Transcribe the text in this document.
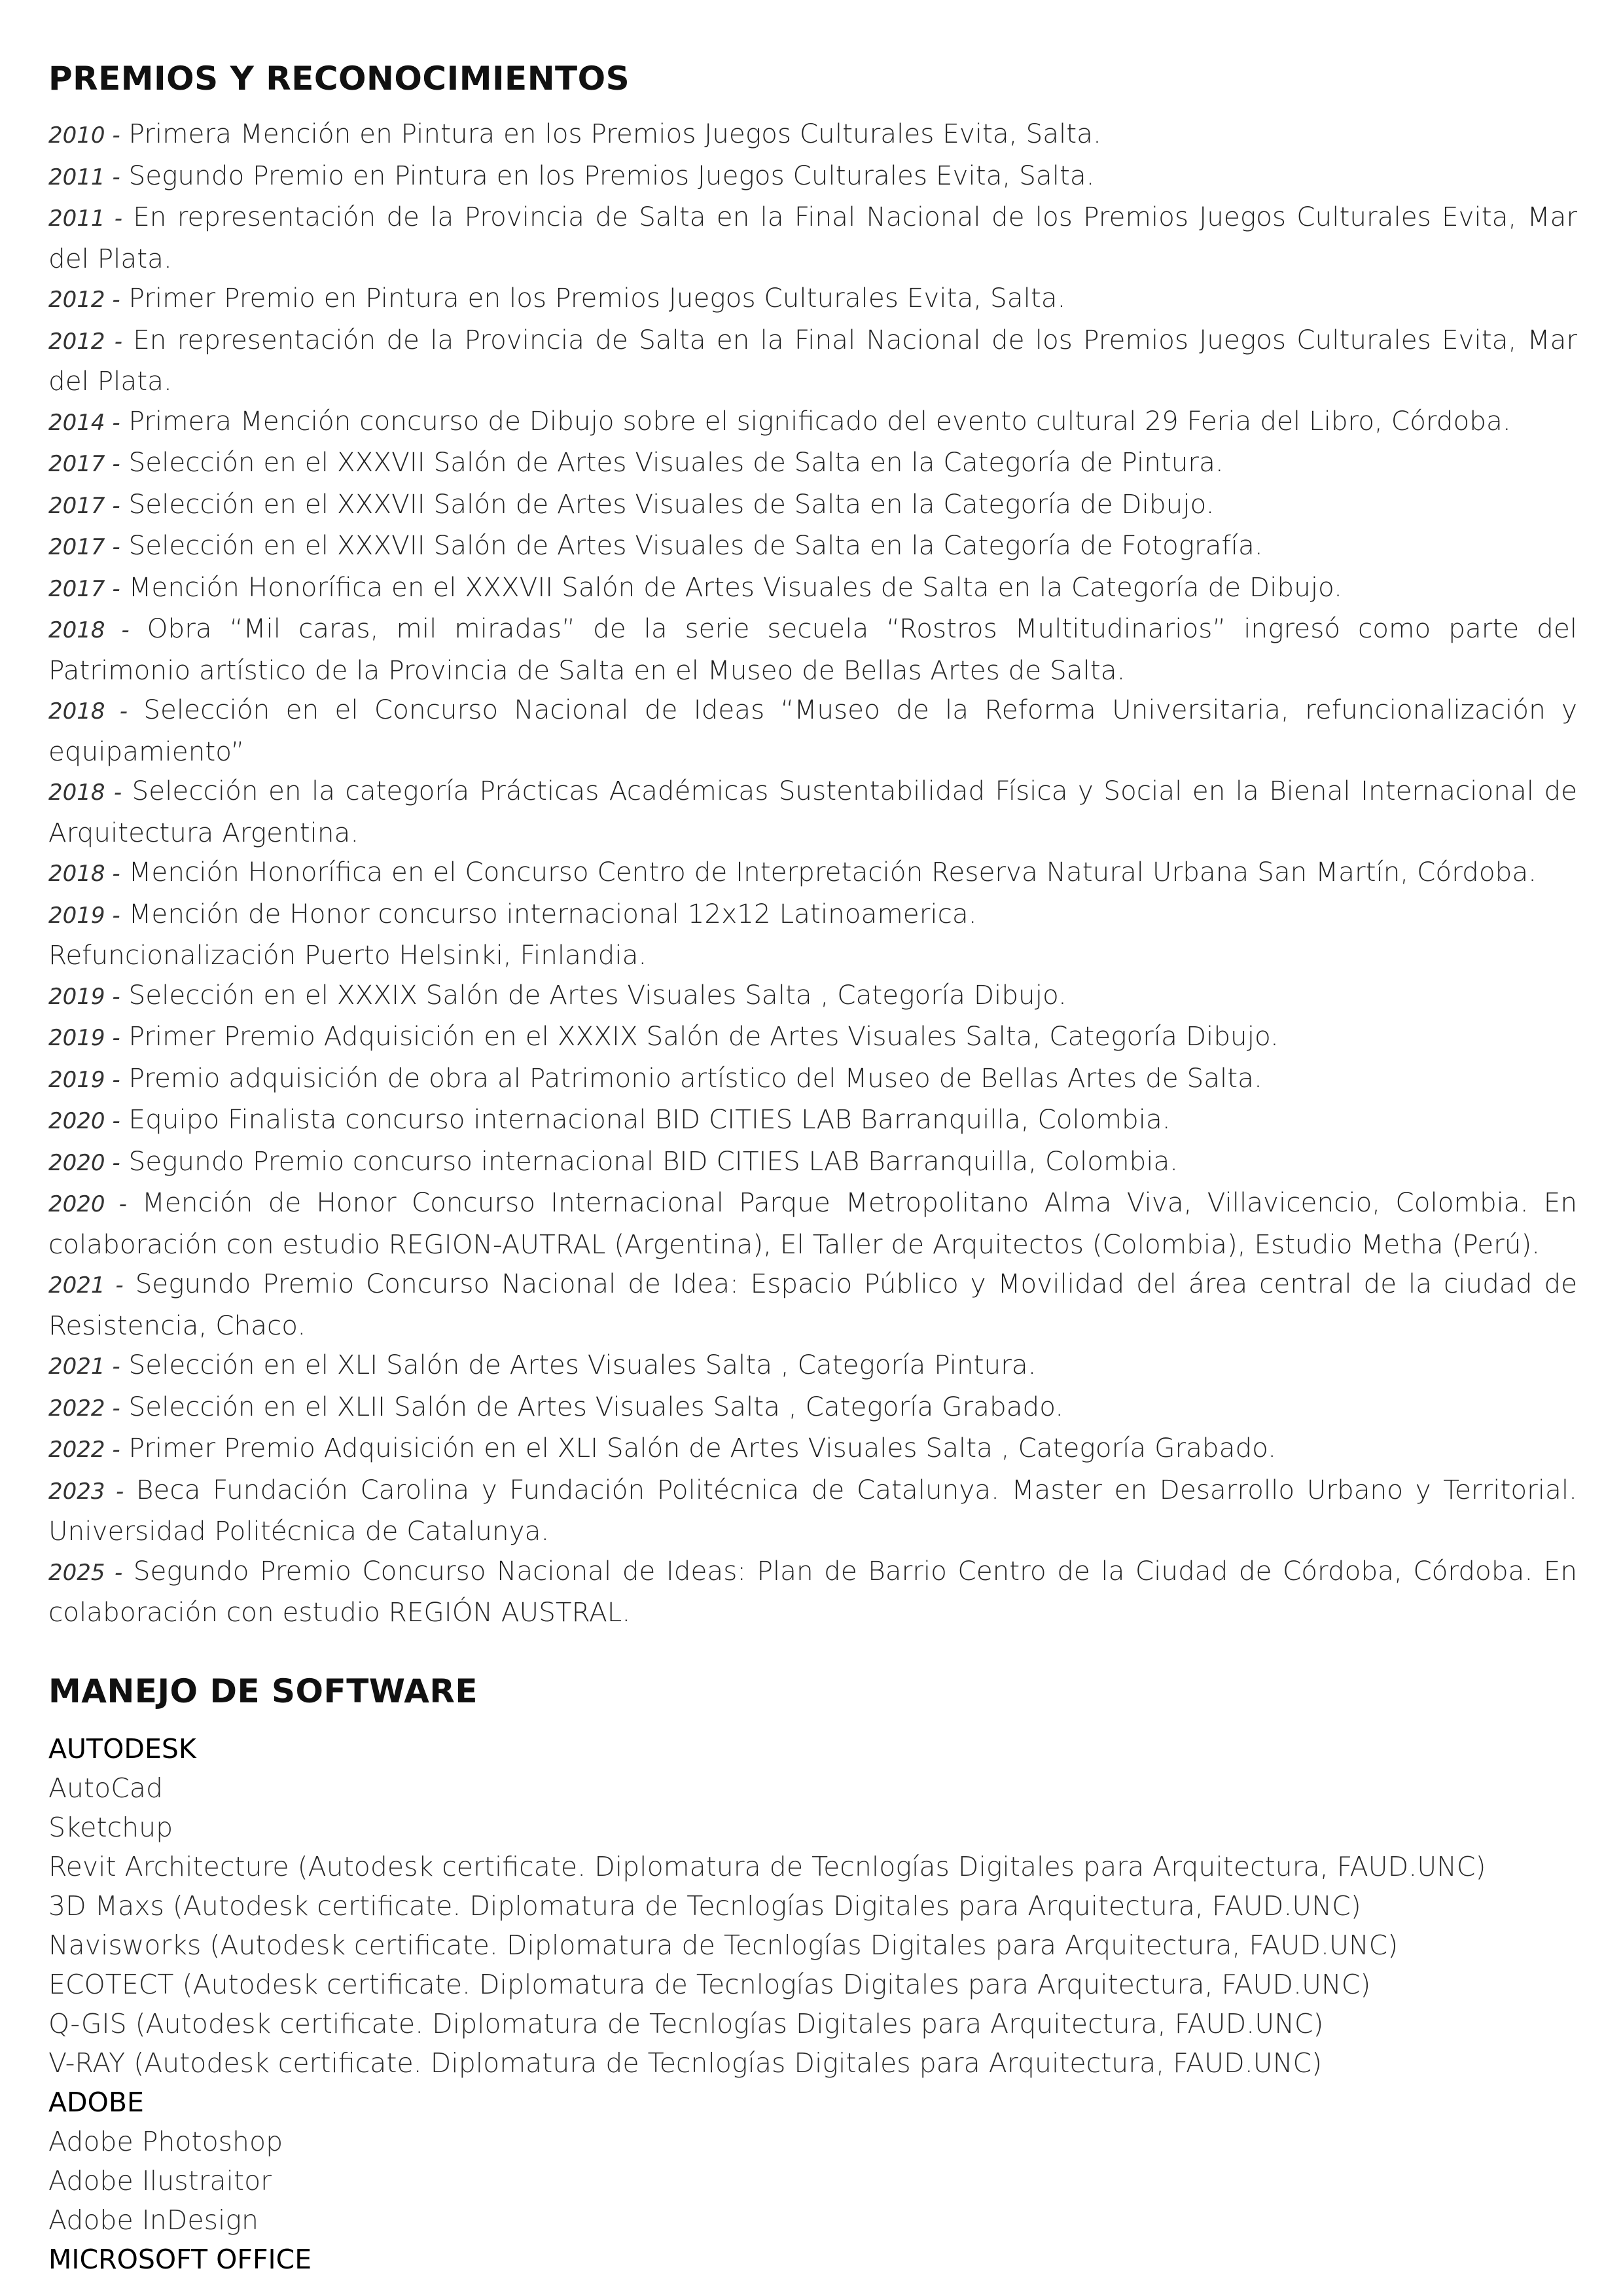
PREMIOS Y RECONOCIMIENTOS
2010 - Primera Mención en Pintura en los Premios Juegos Culturales Evita, Salta.
2011 - Segundo Premio en Pintura en los Premios Juegos Culturales Evita, Salta.
2011 - En representación de la Provincia de Salta en la Final Nacional de los Premios Juegos Culturales Evita, Mar del Plata.
2012 - Primer Premio en Pintura en los Premios Juegos Culturales Evita, Salta.
2012 - En representación de la Provincia de Salta en la Final Nacional de los Premios Juegos Culturales Evita, Mar del Plata.
2014 - Primera Mención concurso de Dibujo sobre el significado del evento cultural 29 Feria del Libro, Córdoba.
2017 - Selección en el XXXVII Salón de Artes Visuales de Salta en la Categoría de Pintura.
2017 - Selección en el XXXVII Salón de Artes Visuales de Salta en la Categoría de Dibujo.
2017 - Selección en el XXXVII Salón de Artes Visuales de Salta en la Categoría de Fotografía.
2017 - Mención Honorífica en el XXXVII Salón de Artes Visuales de Salta en la Categoría de Dibujo.
2018 - Obra “Mil caras, mil miradas” de la serie secuela “Rostros Multitudinarios” ingresó como parte del Patrimonio artístico de la Provincia de Salta en el Museo de Bellas Artes de Salta.
2018 - Selección en el Concurso Nacional de Ideas “Museo de la Reforma Universitaria, refuncionalización y equipamiento”
2018 - Selección en la categoría Prácticas Académicas Sustentabilidad Física y Social en la Bienal Internacional de Arquitectura Argentina.
2018 - Mención Honorífica en el Concurso Centro de Interpretación Reserva Natural Urbana San Martín, Córdoba.
2019 - Mención de Honor concurso internacional 12x12 Latinoamerica.
Refuncionalización Puerto Helsinki, Finlandia.
2019 - Selección en el XXXIX Salón de Artes Visuales Salta , Categoría Dibujo.
2019 - Primer Premio Adquisición en el XXXIX Salón de Artes Visuales Salta, Categoría Dibujo.
2019 - Premio adquisición de obra al Patrimonio artístico del Museo de Bellas Artes de Salta.
2020 - Equipo Finalista concurso internacional BID CITIES LAB Barranquilla, Colombia.
2020 - Segundo Premio concurso internacional BID CITIES LAB Barranquilla, Colombia.
2020 - Mención de Honor Concurso Internacional Parque Metropolitano Alma Viva, Villavicencio, Colombia. En colaboración con estudio REGION-AUTRAL (Argentina), El Taller de Arquitectos (Colombia), Estudio Metha (Perú).
2021 - Segundo Premio Concurso Nacional de Idea: Espacio Público y Movilidad del área central de la ciudad de Resistencia, Chaco.
2021 - Selección en el XLI Salón de Artes Visuales Salta , Categoría Pintura.
2022 - Selección en el XLII Salón de Artes Visuales Salta , Categoría Grabado.
2022 - Primer Premio Adquisición en el XLI Salón de Artes Visuales Salta , Categoría Grabado.
2023 - Beca Fundación Carolina y Fundación Politécnica de Catalunya. Master en Desarrollo Urbano y Territorial. Universidad Politécnica de Catalunya.
2025 - Segundo Premio Concurso Nacional de Ideas: Plan de Barrio Centro de la Ciudad de Córdoba, Córdoba. En colaboración con estudio REGIÓN AUSTRAL.
MANEJO DE SOFTWARE
AUTODESK
AutoCad
Sketchup
Revit Architecture (Autodesk certificate. Diplomatura de Tecnlogías Digitales para Arquitectura, FAUD.UNC)
3D Maxs (Autodesk certificate. Diplomatura de Tecnlogías Digitales para Arquitectura, FAUD.UNC)
Navisworks (Autodesk certificate. Diplomatura de Tecnlogías Digitales para Arquitectura, FAUD.UNC)
ECOTECT (Autodesk certificate. Diplomatura de Tecnlogías Digitales para Arquitectura, FAUD.UNC)
Q-GIS (Autodesk certificate. Diplomatura de Tecnlogías Digitales para Arquitectura, FAUD.UNC)
V-RAY (Autodesk certificate. Diplomatura de Tecnlogías Digitales para Arquitectura, FAUD.UNC)
ADOBE
Adobe Photoshop
Adobe Ilustraitor
Adobe InDesign
MICROSOFT OFFICE
